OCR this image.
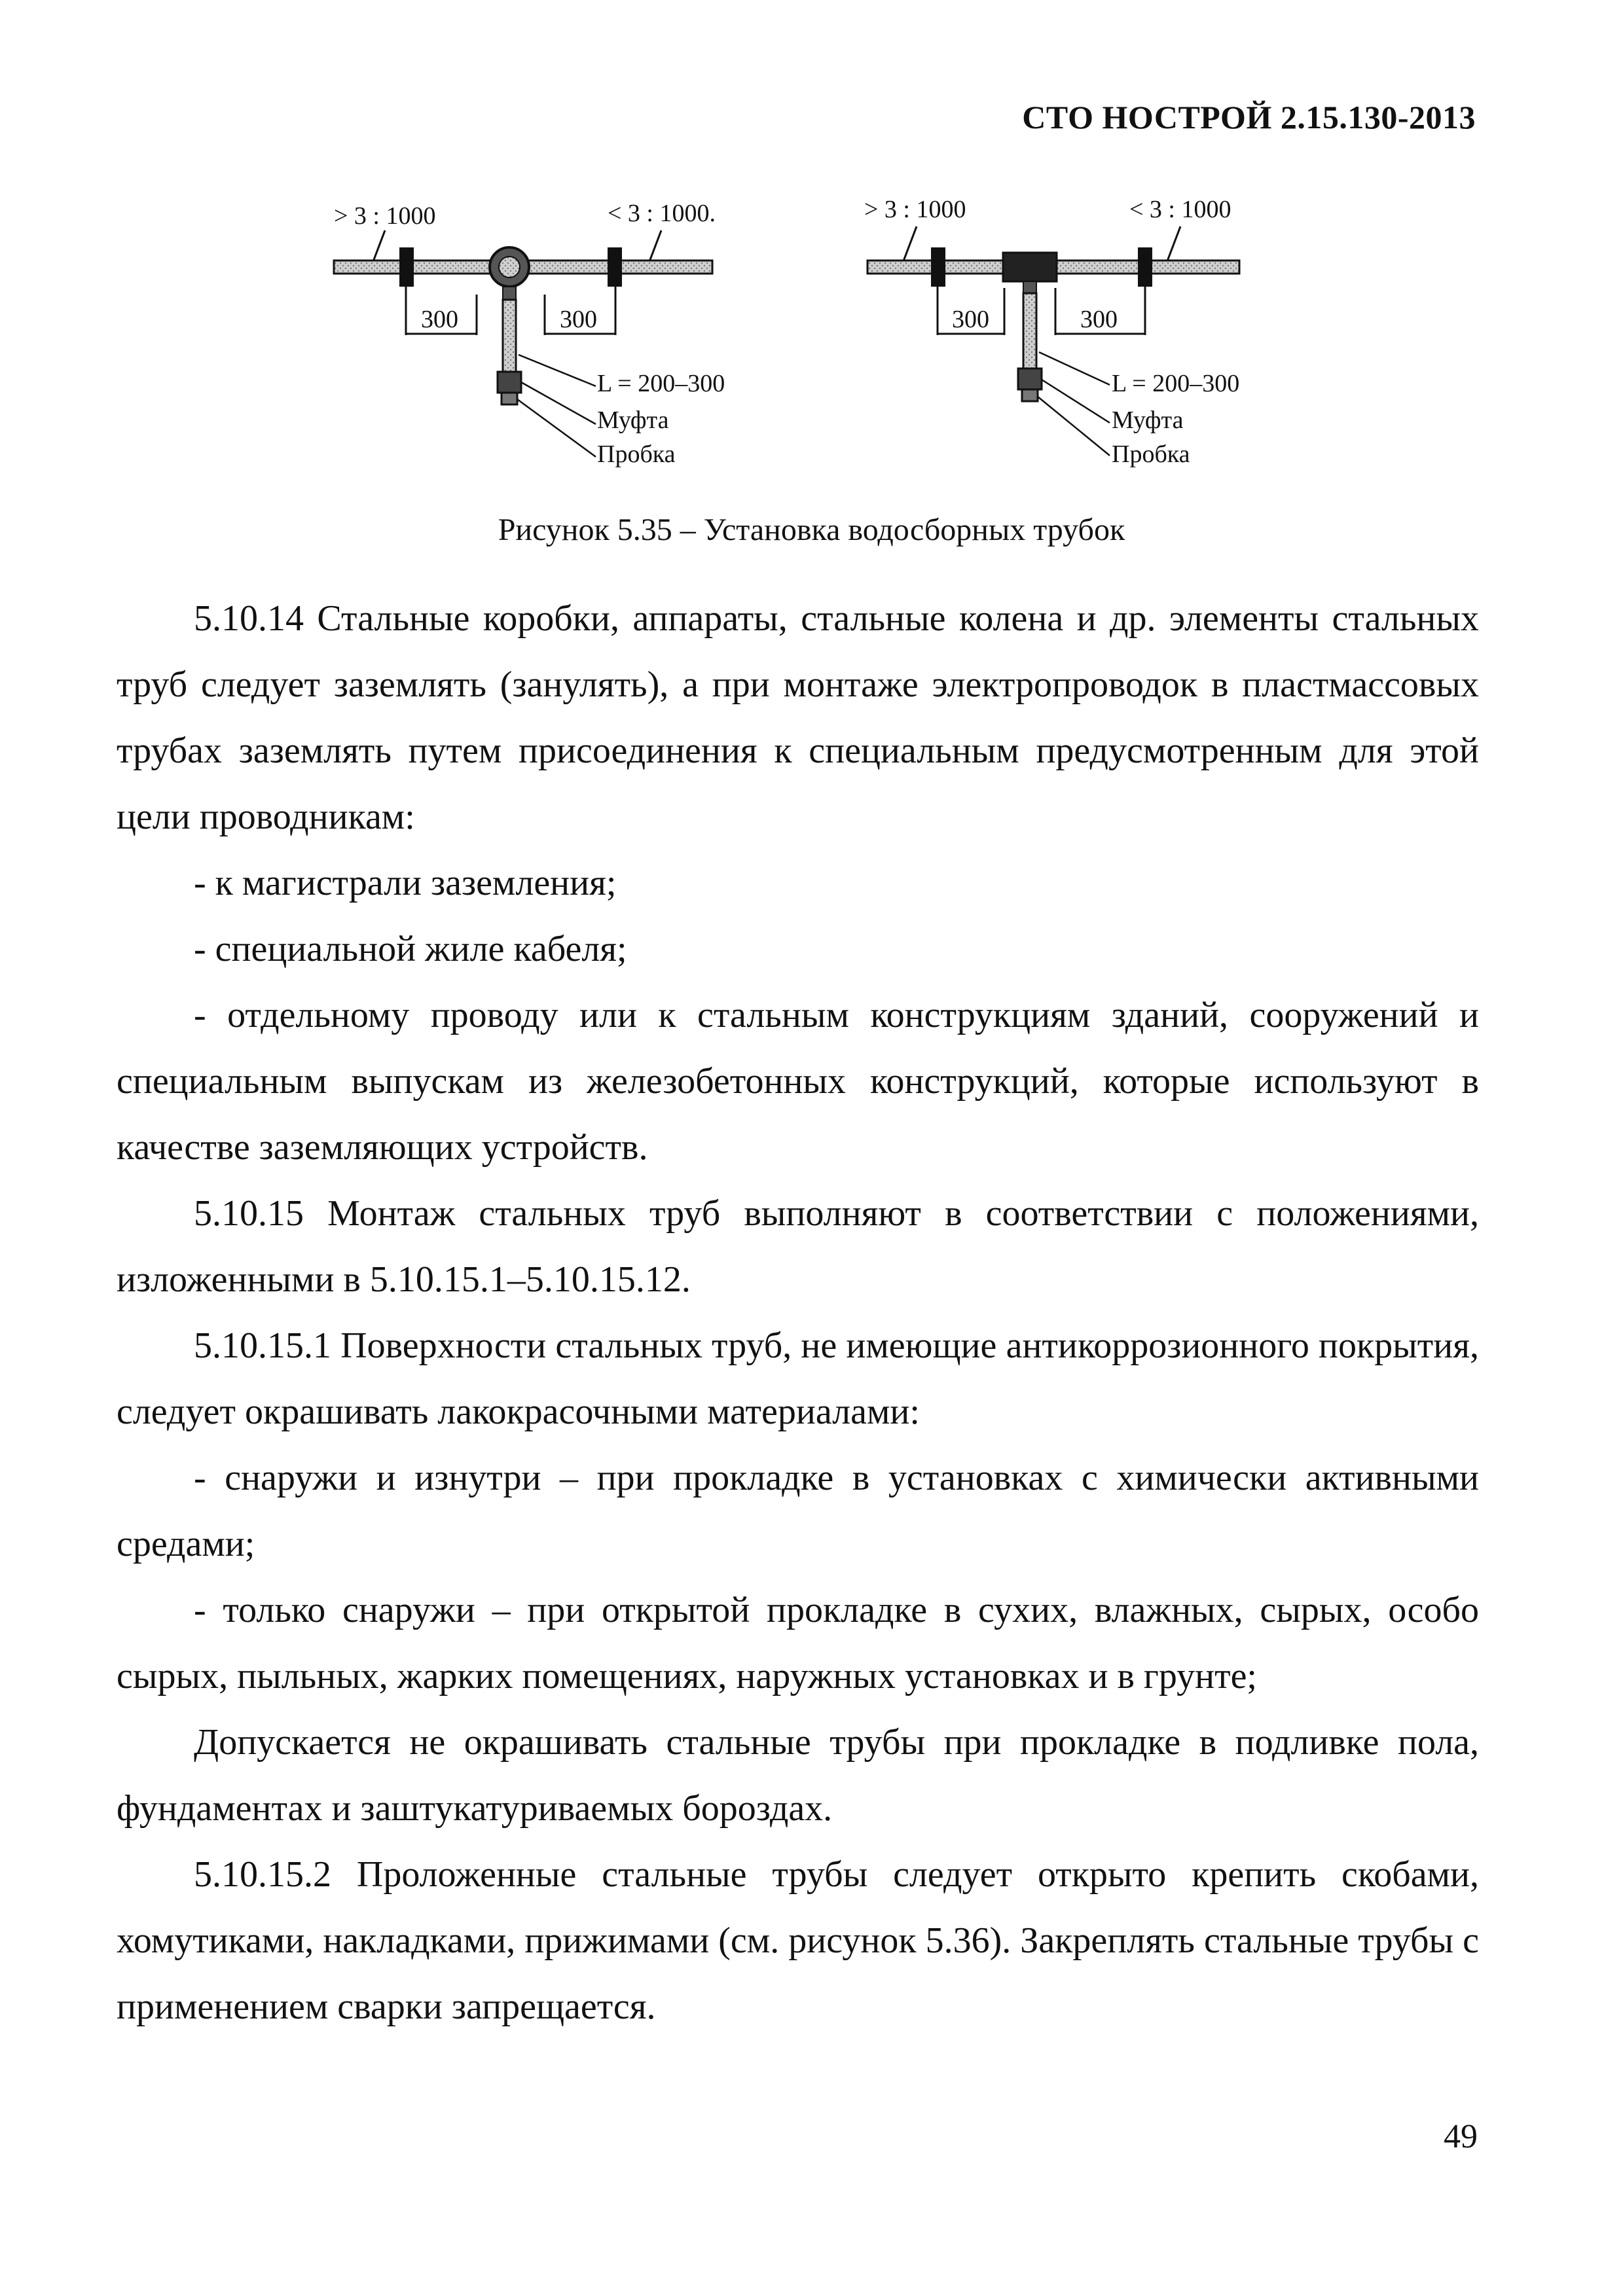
СТО НОСТРОЙ 2.15.130-2013
> 3 : 1000	< 3 : 1000.
300	300
L = 200–300
Муфта
Пробка
> 3 : 1000	< 3 : 1000
300	300
L = 200–300
Муфта
Пробка
Рисунок 5.35 – Установка водосборных трубок

5.10.14 Стальные коробки, аппараты, стальные колена и др. элементы стальных труб следует заземлять (занулять), а при монтаже электропроводок в пластмассовых трубах заземлять путем присоединения к специальным предусмотренным для этой цели проводникам:

- к магистрали заземления;

- специальной жиле кабеля;

- отдельному проводу или к стальным конструкциям зданий, сооружений и специальным выпускам из железобетонных конструкций, которые используют в качестве заземляющих устройств.

5.10.15 Монтаж стальных труб выполняют в соответствии с положениями, изложенными в 5.10.15.1–5.10.15.12.

5.10.15.1 Поверхности стальных труб, не имеющие антикоррозионного покрытия, следует окрашивать лакокрасочными материалами:

- снаружи и изнутри – при прокладке в установках с химически активными средами;

- только снаружи – при открытой прокладке в сухих, влажных, сырых, особо сырых, пыльных, жарких помещениях, наружных установках и в грунте;

Допускается не окрашивать стальные трубы при прокладке в подливке пола, фундаментах и заштукатуриваемых бороздах.

5.10.15.2 Проложенные стальные трубы следует открыто крепить скобами, хомутиками, накладками, прижимами (см. рисунок 5.36). Закреплять стальные трубы с применением сварки запрещается.

49
